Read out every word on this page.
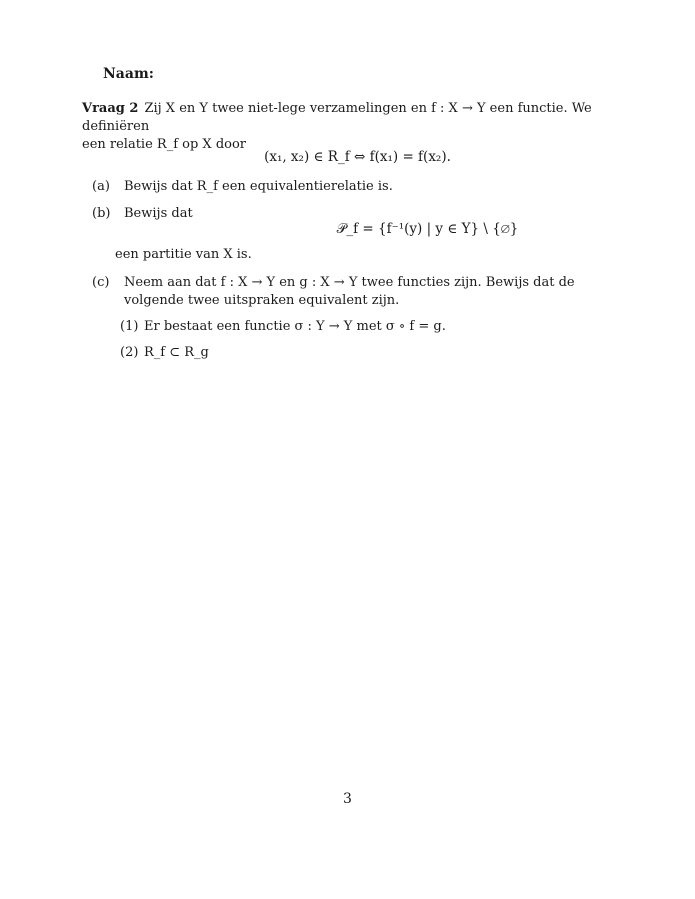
Naam:
Vraag 2 Zij X en Y twee niet-lege verzamelingen en f : X → Y een functie. We definiëren
een relatie R_f op X door
(x₁, x₂) ∈ R_f ⇔ f(x₁) = f(x₂).
(a) Bewijs dat R_f een equivalentierelatie is.
(b) Bewijs dat
𝒫_f = {f⁻¹(y) | y ∈ Y} \ {∅}
een partitie van X is.
(c) Neem aan dat f : X → Y en g : X → Y twee functies zijn. Bewijs dat de volgende twee uitspraken equivalent zijn.
(1) Er bestaat een functie σ : Y → Y met σ ∘ f = g.
(2) R_f ⊂ R_g
3
